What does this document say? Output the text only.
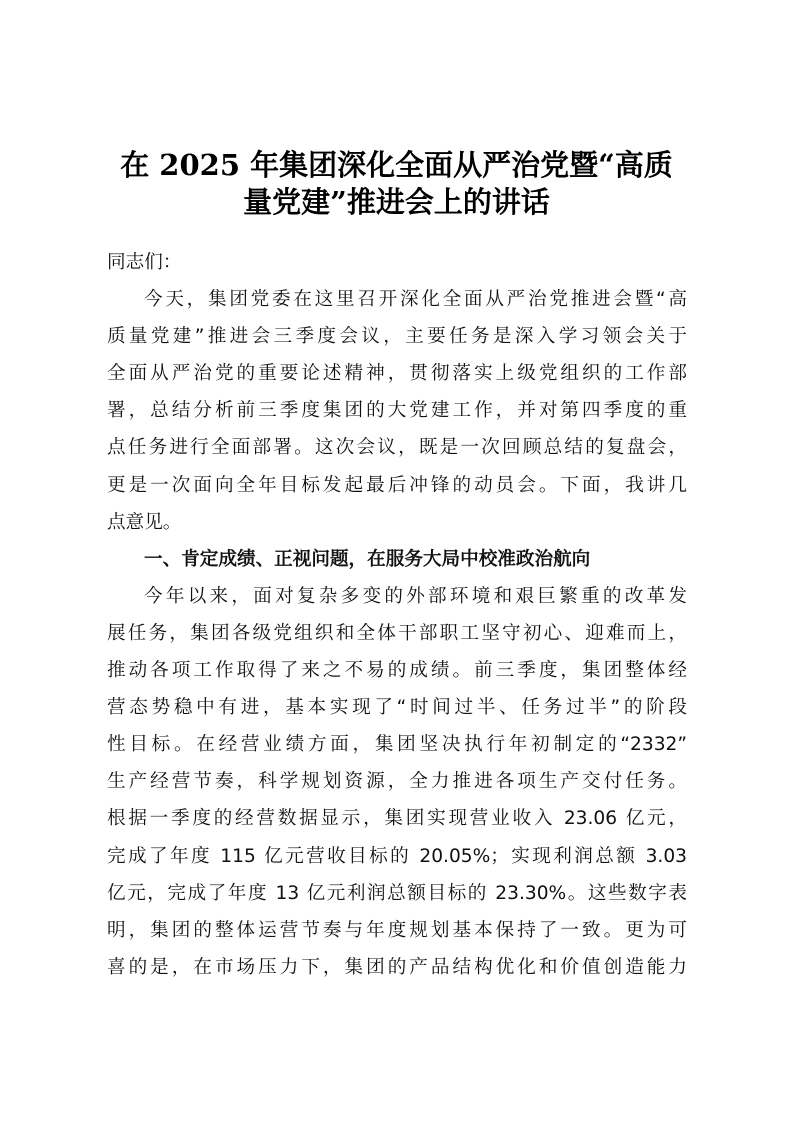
在 2025 年集团深化全面从严治党暨“高质
量党建”推进会上的讲话
同志们：
今天，集团党委在这里召开深化全面从严治党推进会暨“高
质量党建”推进会三季度会议，主要任务是深入学习领会关于
全面从严治党的重要论述精神，贯彻落实上级党组织的工作部
署，总结分析前三季度集团的大党建工作，并对第四季度的重
点任务进行全面部署。这次会议，既是一次回顾总结的复盘会，
更是一次面向全年目标发起最后冲锋的动员会。下面，我讲几
点意见。
一、肯定成绩、正视问题，在服务大局中校准政治航向
今年以来，面对复杂多变的外部环境和艰巨繁重的改革发
展任务，集团各级党组织和全体干部职工坚守初心、迎难而上，
推动各项工作取得了来之不易的成绩。前三季度，集团整体经
营态势稳中有进，基本实现了“时间过半、任务过半”的阶段
性目标。在经营业绩方面，集团坚决执行年初制定的“2332”
生产经营节奏，科学规划资源，全力推进各项生产交付任务。
根据一季度的经营数据显示，集团实现营业收入 23.06 亿元，
完成了年度 115 亿元营收目标的 20.05%；实现利润总额 3.03
亿元，完成了年度 13 亿元利润总额目标的 23.30%。这些数字表
明，集团的整体运营节奏与年度规划基本保持了一致。更为可
喜的是，在市场压力下，集团的产品结构优化和价值创造能力
